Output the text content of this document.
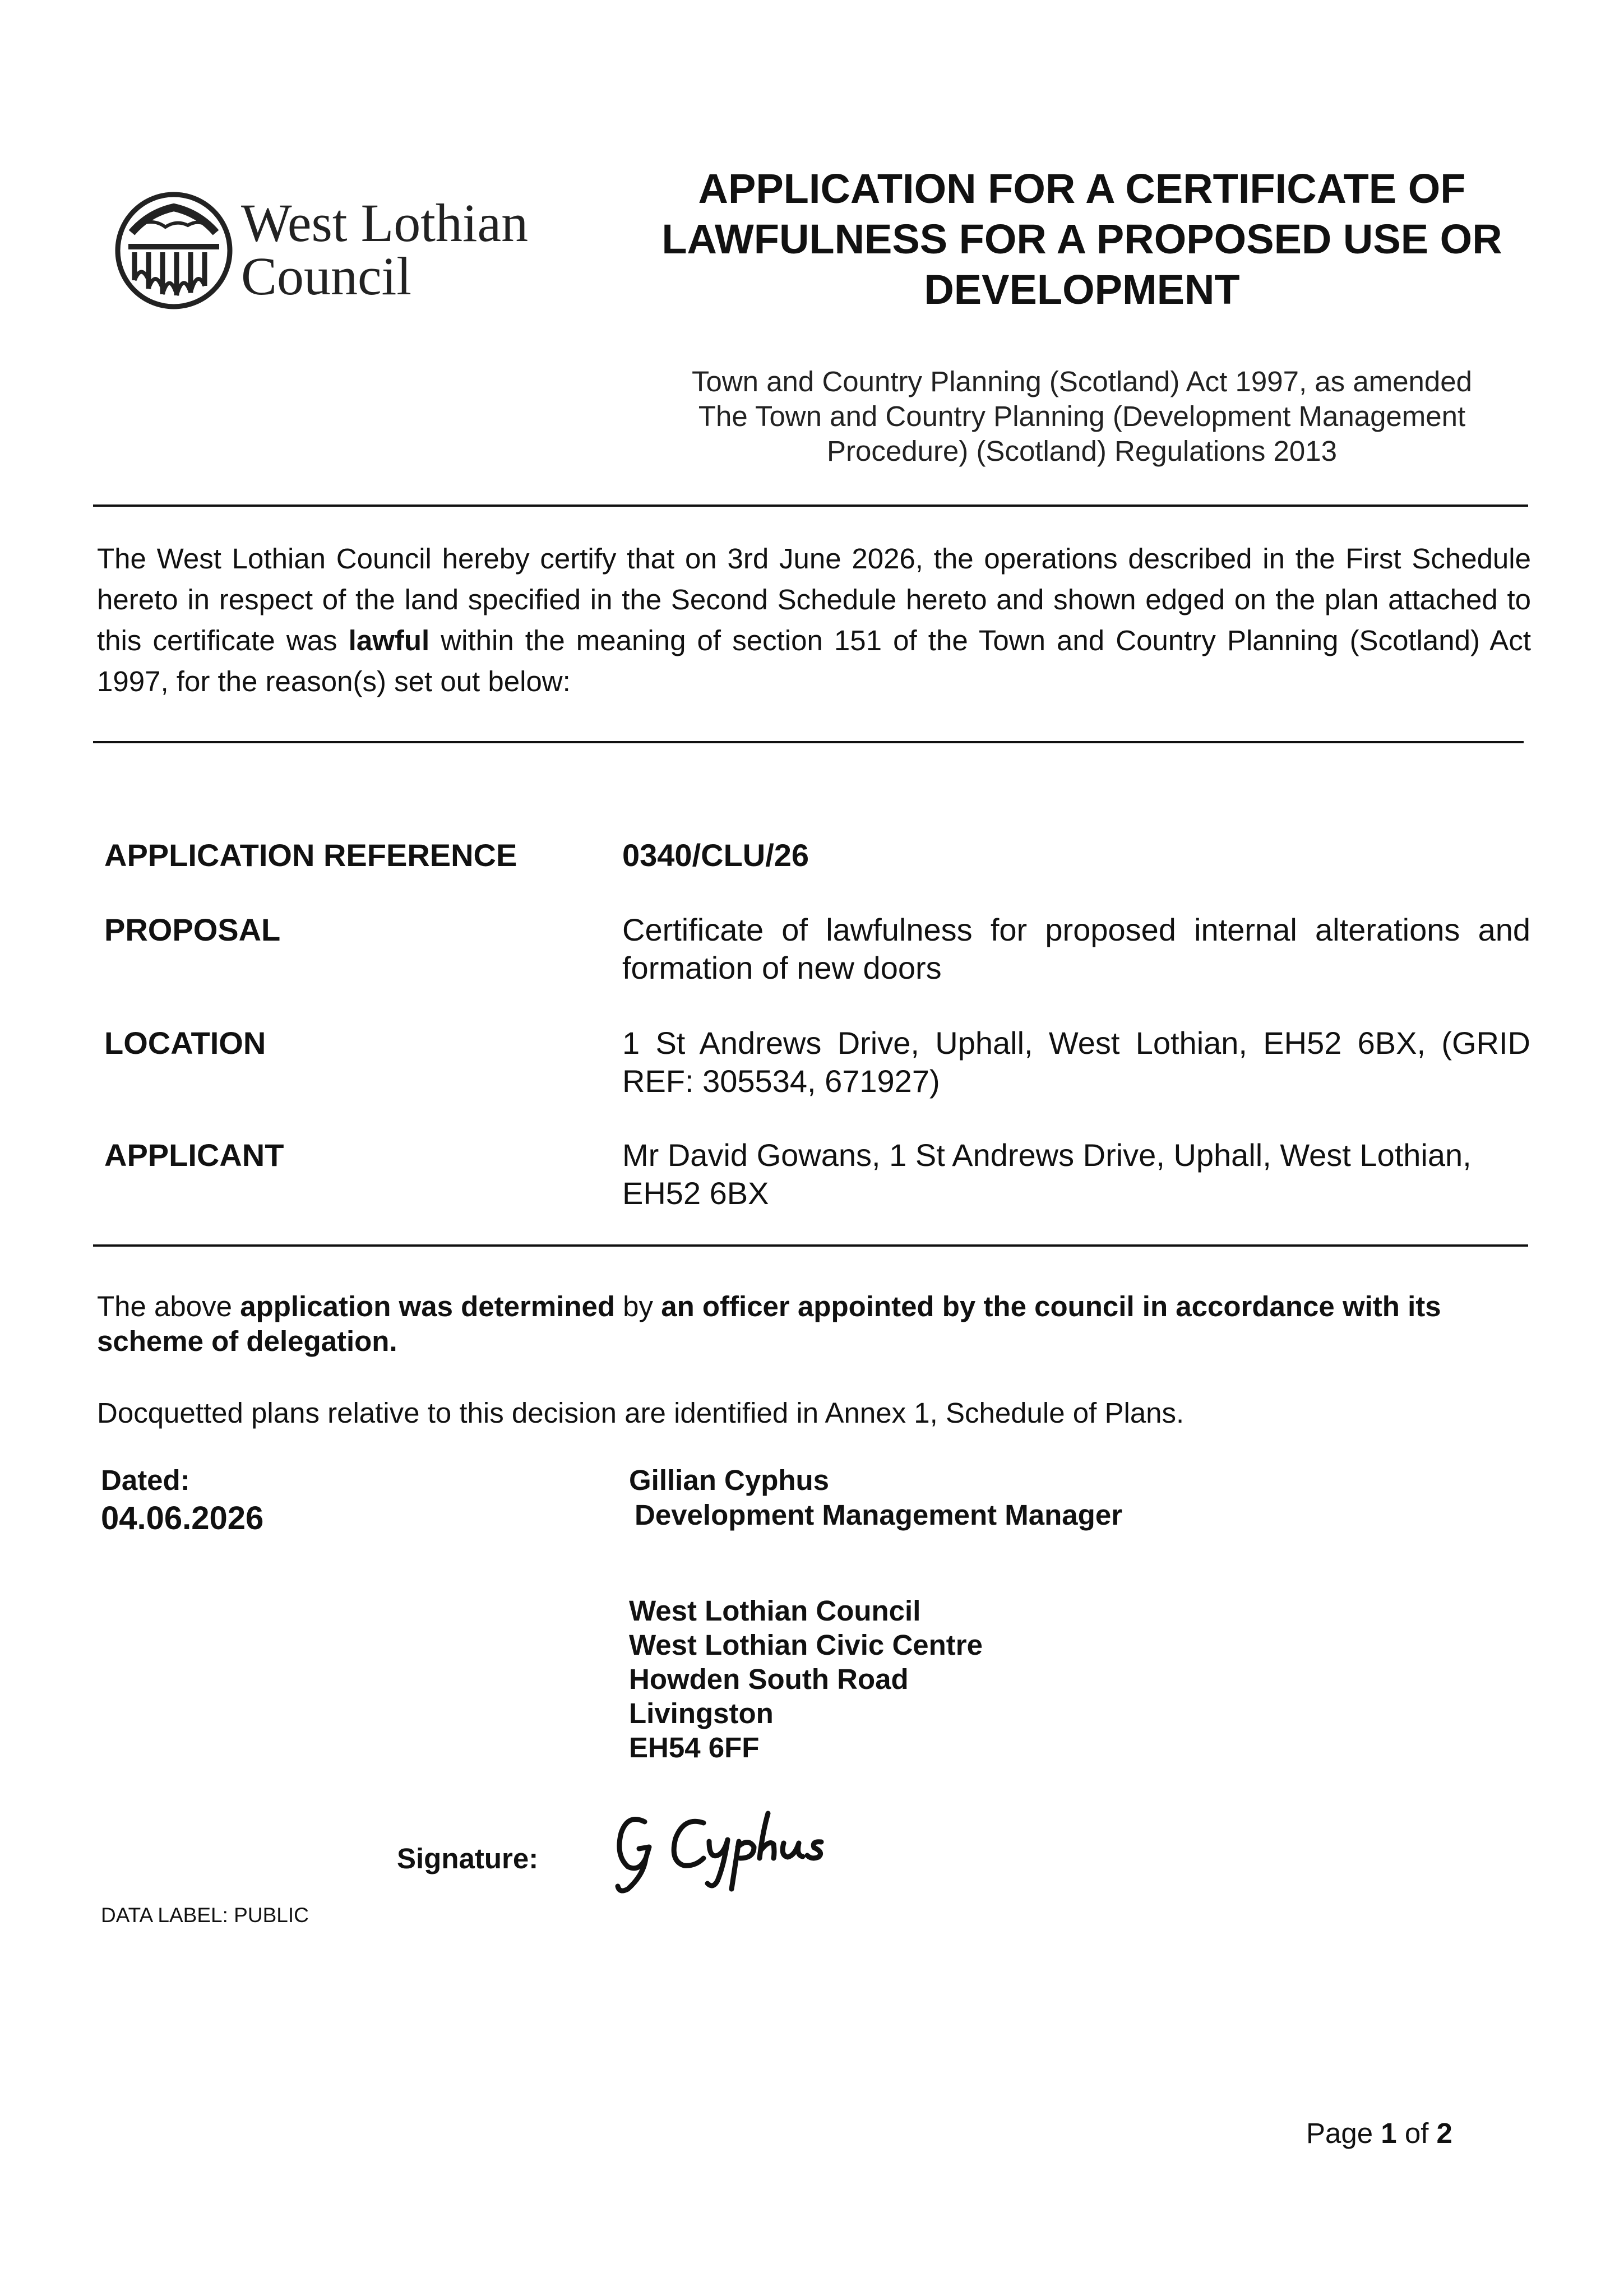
West Lothian
Council
APPLICATION FOR A CERTIFICATE OF
LAWFULNESS FOR A PROPOSED USE OR
DEVELOPMENT
Town and Country Planning (Scotland) Act 1997, as amended
The Town and Country Planning (Development Management
Procedure) (Scotland) Regulations 2013
The West Lothian Council hereby certify that on 3rd June 2026, the operations described in the First Schedule hereto in respect of the land specified in the Second Schedule hereto and shown edged on the plan attached to this certificate was lawful within the meaning of section 151 of the Town and Country Planning (Scotland) Act 1997, for the reason(s) set out below:
APPLICATION REFERENCE	0340/CLU/26
PROPOSAL	Certificate of lawfulness for proposed internal alterations and formation of new doors
LOCATION	1 St Andrews Drive, Uphall, West Lothian, EH52 6BX, (GRID REF: 305534, 671927)
APPLICANT	Mr David Gowans, 1 St Andrews Drive, Uphall, West Lothian, EH52 6BX
The above application was determined by an officer appointed by the council in accordance with its scheme of delegation.
Docquetted plans relative to this decision are identified in Annex 1, Schedule of Plans.
Dated:
04.06.2026
Gillian Cyphus
Development Management Manager
West Lothian Council
West Lothian Civic Centre
Howden South Road
Livingston
EH54 6FF
Signature:
DATA LABEL: PUBLIC
Page 1 of 2
